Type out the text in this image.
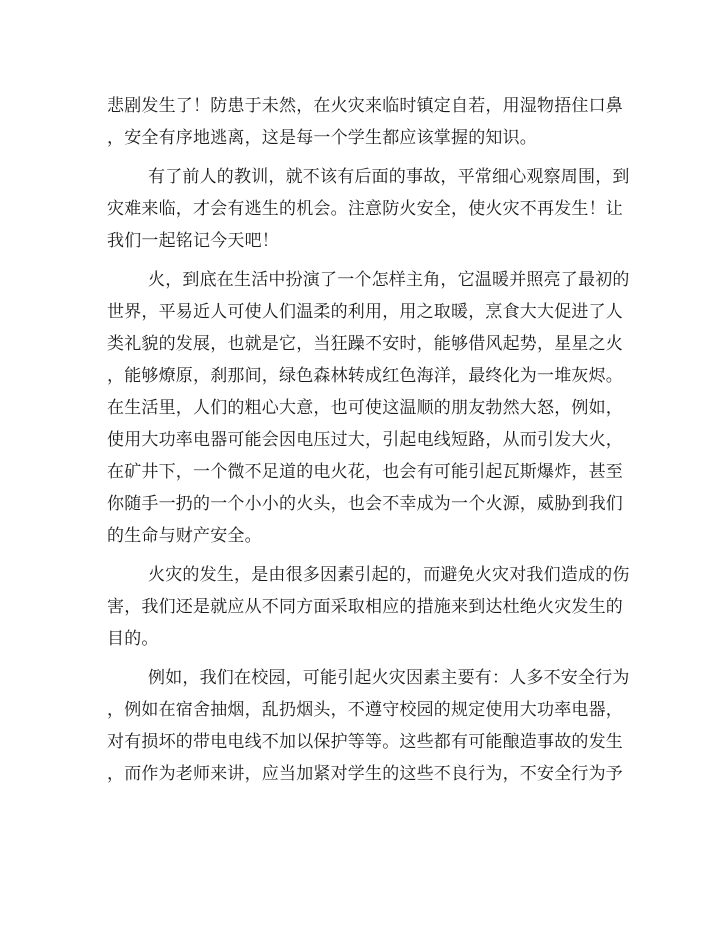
悲剧发生了！防患于未然，在火灾来临时镇定自若，用湿物捂住口鼻
，安全有序地逃离，这是每一个学生都应该掌握的知识。
有了前人的教训，就不该有后面的事故，平常细心观察周围，到
灾难来临，才会有逃生的机会。注意防火安全，使火灾不再发生！让
我们一起铭记今天吧！
火，到底在生活中扮演了一个怎样主角，它温暖并照亮了最初的
世界，平易近人可使人们温柔的利用，用之取暖，烹食大大促进了人
类礼貌的发展，也就是它，当狂躁不安时，能够借风起势，星星之火
，能够燎原，刹那间，绿色森林转成红色海洋，最终化为一堆灰烬。
在生活里，人们的粗心大意，也可使这温顺的朋友勃然大怒，例如，
使用大功率电器可能会因电压过大，引起电线短路，从而引发大火，
在矿井下，一个微不足道的电火花，也会有可能引起瓦斯爆炸，甚至
你随手一扔的一个小小的火头，也会不幸成为一个火源，威胁到我们
的生命与财产安全。
火灾的发生，是由很多因素引起的，而避免火灾对我们造成的伤
害，我们还是就应从不同方面采取相应的措施来到达杜绝火灾发生的
目的。
例如，我们在校园，可能引起火灾因素主要有：人多不安全行为
，例如在宿舍抽烟，乱扔烟头，不遵守校园的规定使用大功率电器，
对有损坏的带电电线不加以保护等等。这些都有可能酿造事故的发生
，而作为老师来讲，应当加紧对学生的这些不良行为，不安全行为予
